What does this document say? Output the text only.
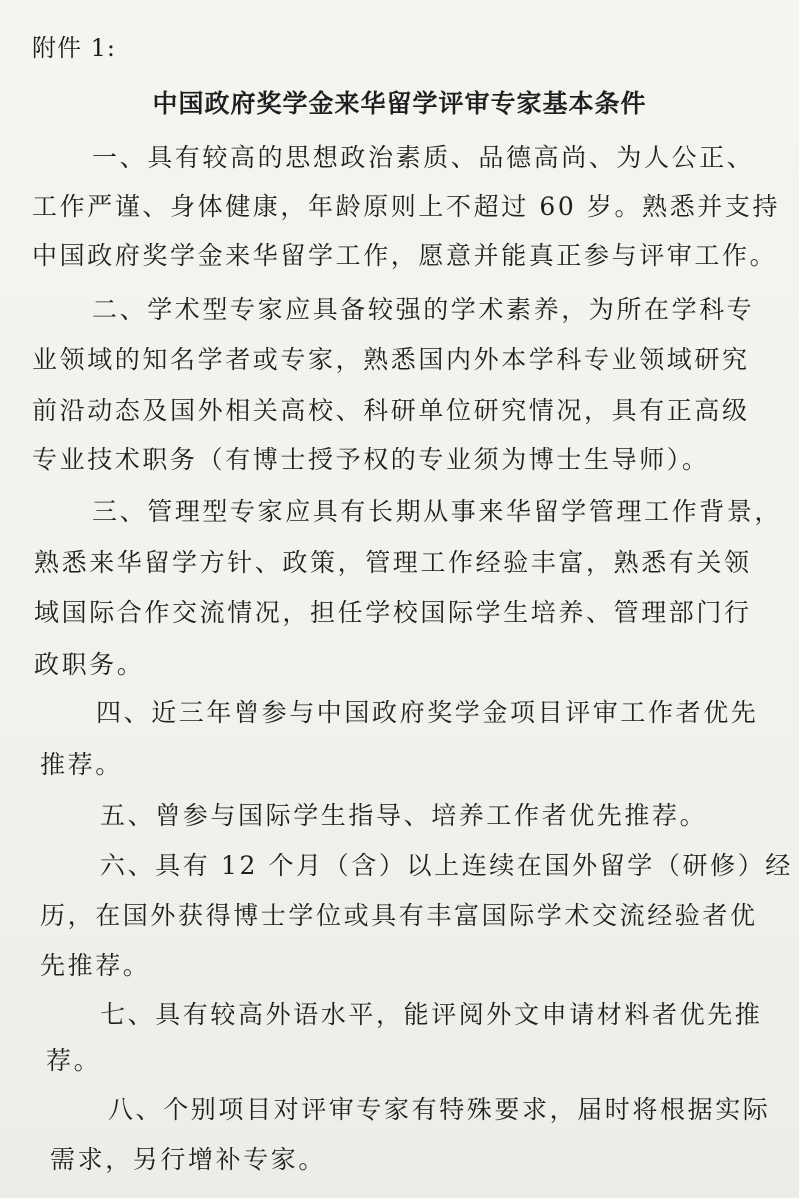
附件 1:
中国政府奖学金来华留学评审专家基本条件
一、具有较高的思想政治素质、品德高尚、为人公正、
工作严谨、身体健康，年龄原则上不超过 60 岁。熟悉并支持
中国政府奖学金来华留学工作，愿意并能真正参与评审工作。
二、学术型专家应具备较强的学术素养，为所在学科专
业领域的知名学者或专家，熟悉国内外本学科专业领域研究
前沿动态及国外相关高校、科研单位研究情况，具有正高级
专业技术职务（有博士授予权的专业须为博士生导师）。
三、管理型专家应具有长期从事来华留学管理工作背景，
熟悉来华留学方针、政策，管理工作经验丰富，熟悉有关领
域国际合作交流情况，担任学校国际学生培养、管理部门行
政职务。
四、近三年曾参与中国政府奖学金项目评审工作者优先
推荐。
五、曾参与国际学生指导、培养工作者优先推荐。
六、具有 12 个月（含）以上连续在国外留学（研修）经
历，在国外获得博士学位或具有丰富国际学术交流经验者优
先推荐。
七、具有较高外语水平，能评阅外文申请材料者优先推
荐。
八、个别项目对评审专家有特殊要求，届时将根据实际
需求，另行增补专家。
